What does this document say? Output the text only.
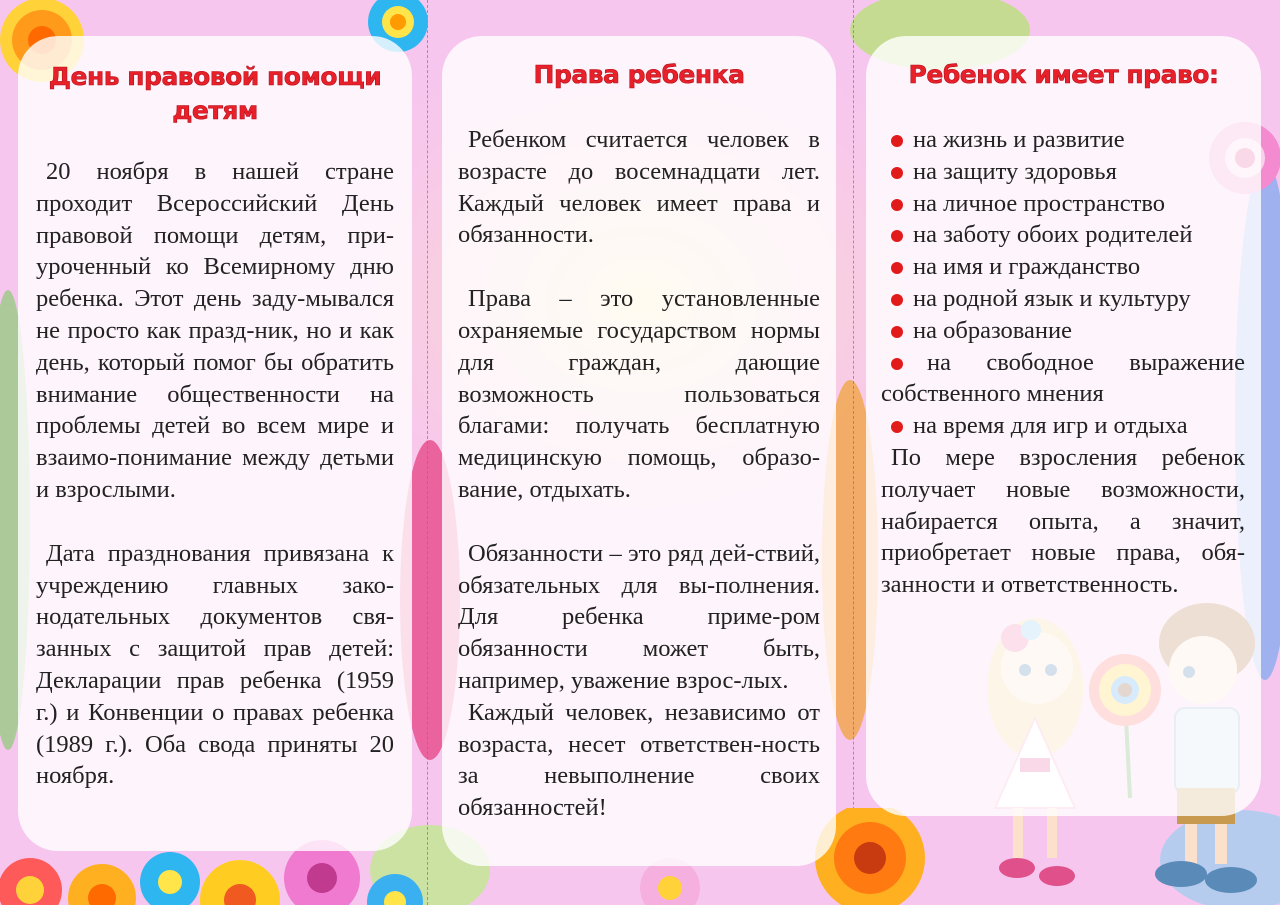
День правовой помощи
детям

20 ноября в нашей стране проходит Всероссийский День правовой помощи детям, при-уроченный ко Всемирному дню ребенка. Этот день заду-мывался не просто как празд-ник, но и как день, который помог бы обратить внимание общественности на проблемы детей во всем мире и взаимо-понимание между детьми и взрослыми.

Дата празднования привязана к учреждению главных зако-нодательных документов свя-занных с защитой прав детей: Декларации прав ребенка (1959 г.) и Конвенции о правах ребенка (1989 г.). Оба свода приняты 20 ноября.

Права ребенка

Ребенком считается человек в возрасте до восемнадцати лет. Каждый человек имеет права и обязанности.

Права – это установленные охраняемые государством нормы для граждан, дающие возможность пользоваться благами: получать бесплатную медицинскую помощь, образо-вание, отдыхать.

Обязанности – это ряд дей-ствий, обязательных для вы-полнения. Для ребенка приме-ром обязанности может быть, например, уважение взрос-лых.

Каждый человек, независимо от возраста, несет ответствен-ность за невыполнение своих обязанностей!

Ребенок имеет право:
на жизнь и развитие
на защиту здоровья
на личное пространство
на заботу обоих родителей
на имя и гражданство
на родной язык и культуру
на образование
на свободное выражение собственного мнения
на время для игр и отдыха

По мере взросления ребенок получает новые возможности, набирается опыта, а значит, приобретает новые права, обя-занности и ответственность.
